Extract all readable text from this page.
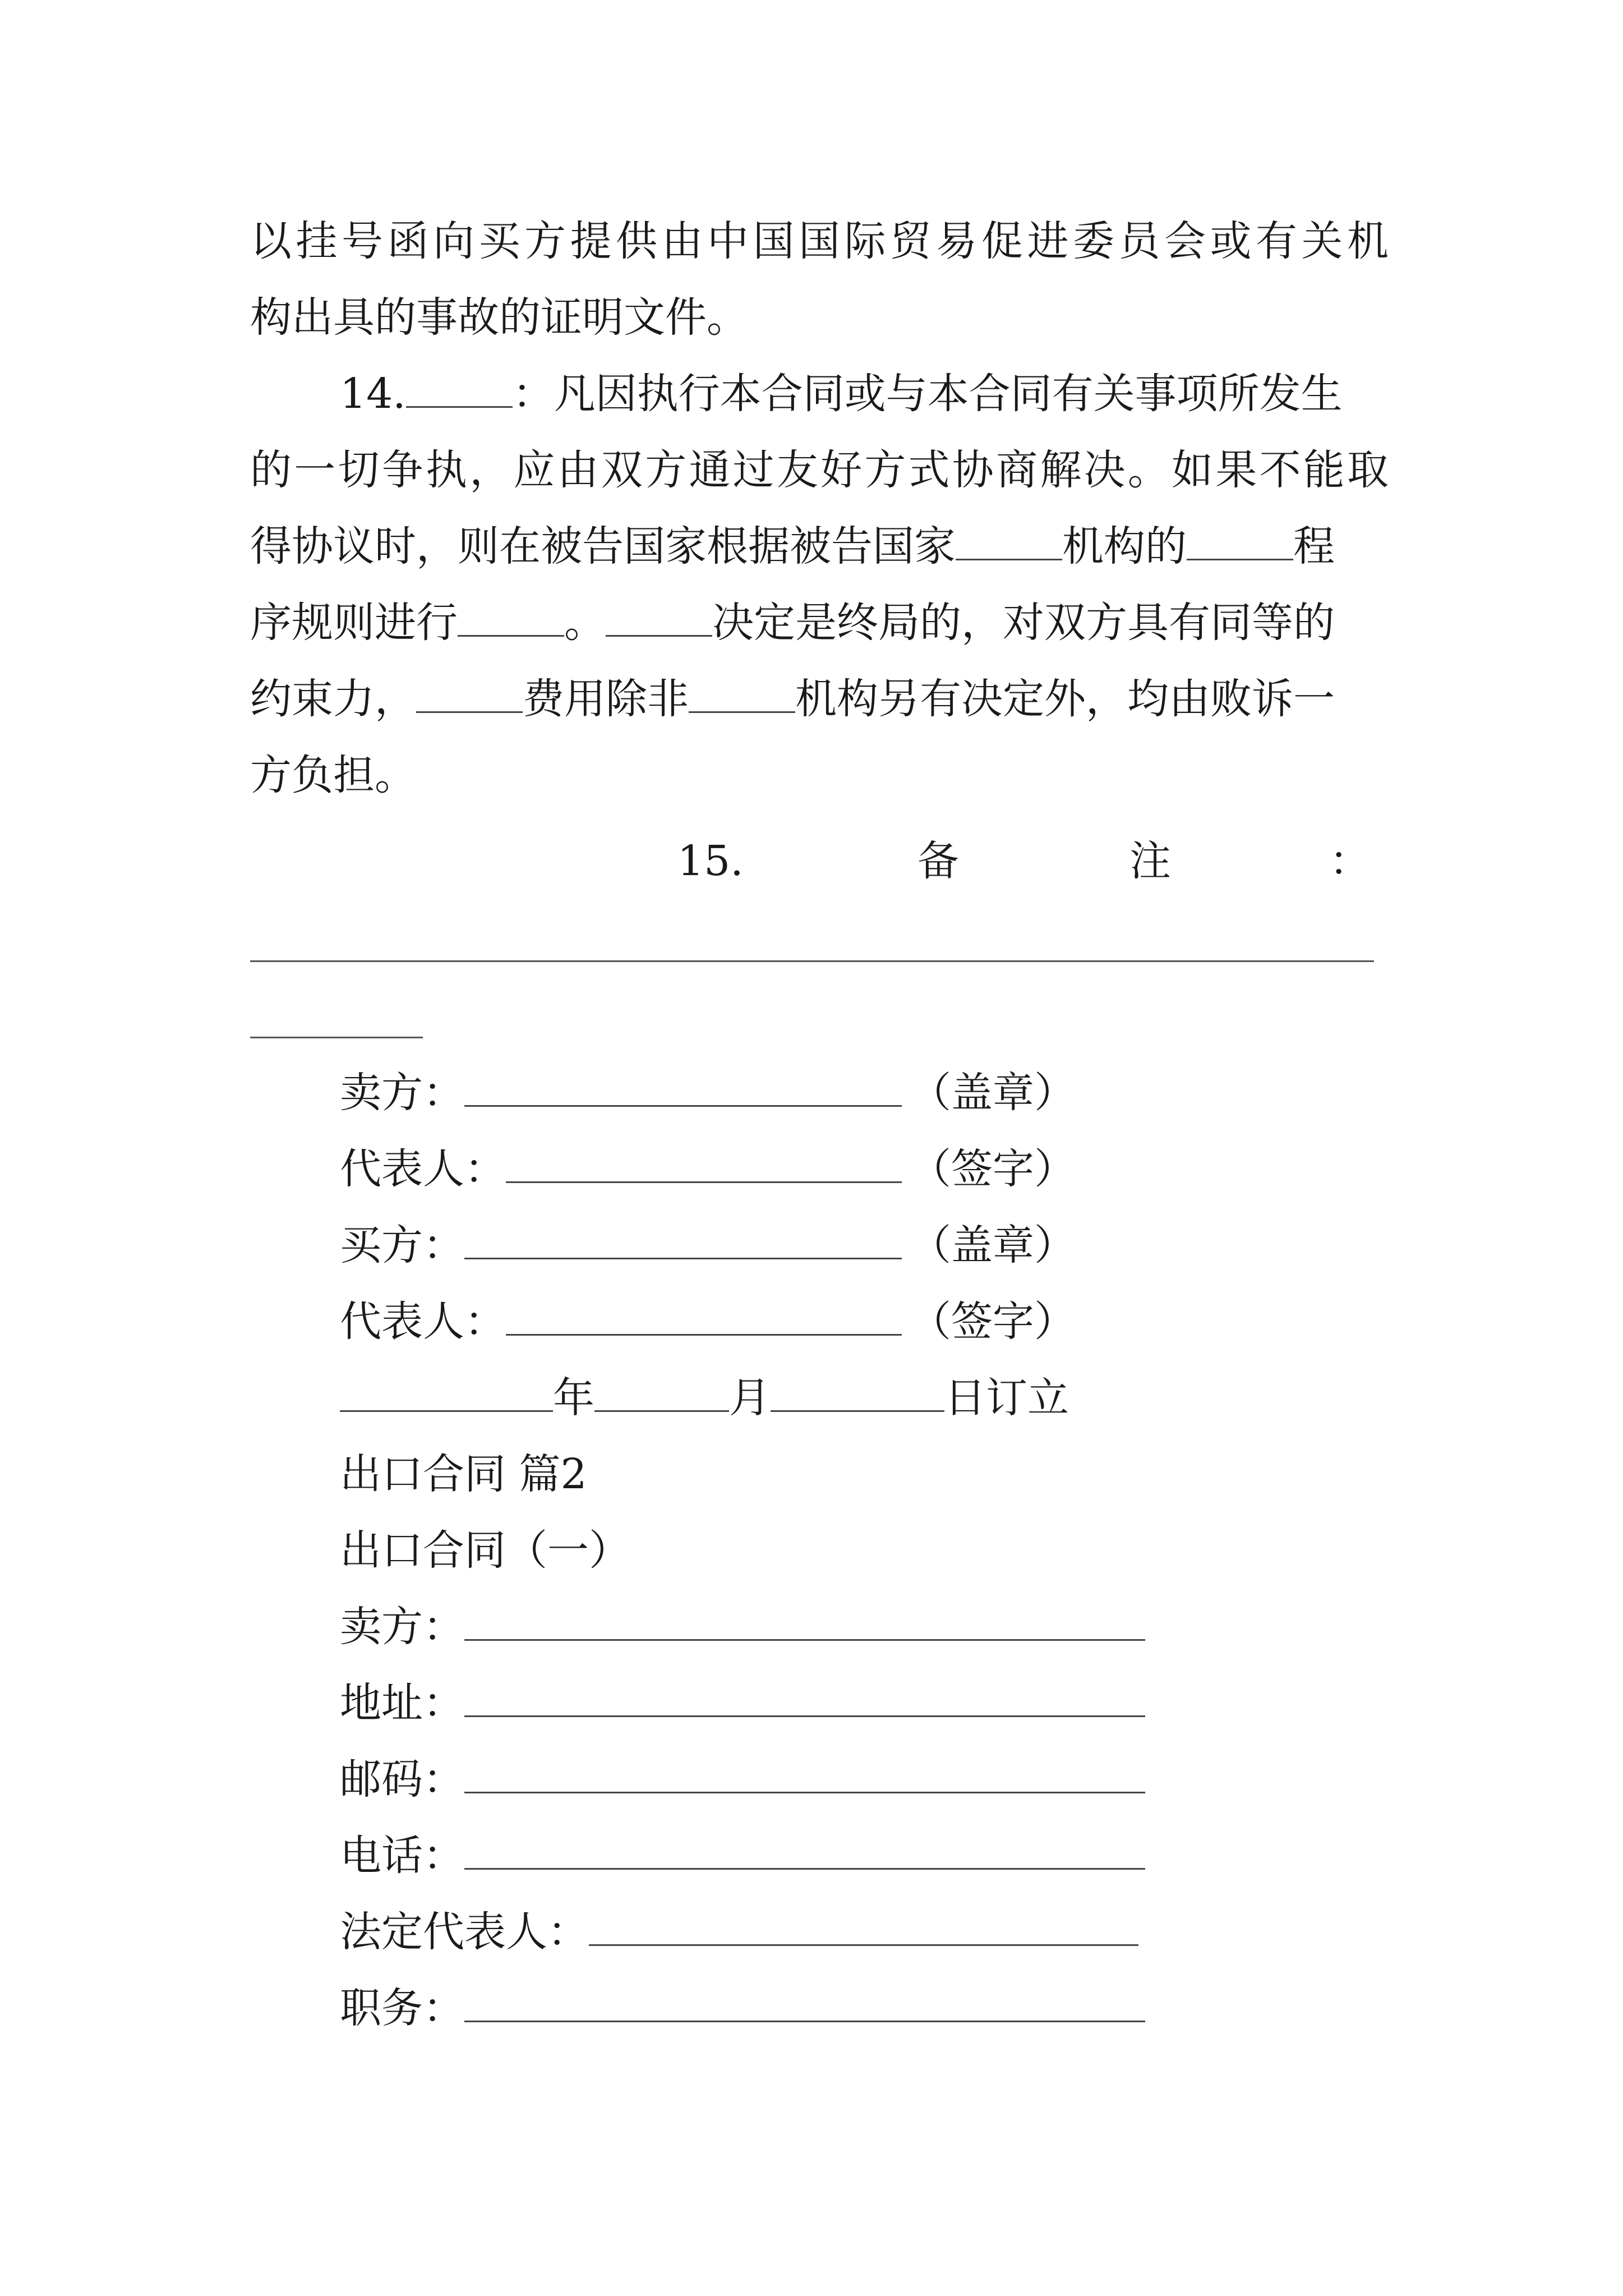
以挂号函向买方提供由中国国际贸易促进委员会或有关机
构出具的事故的证明文件。
14.	：凡因执行本合同或与本合同有关事项所发生
的一切争执，应由双方通过友好方式协商解决。如果不能取
得协议时，则在被告国家根据被告国家	机构的	程
序规则进行	。	决定是终局的，对双方具有同等的
约束力，	费用除非	机构另有决定外，均由败诉一
方负担。
15.	备	注	：
卖方：	（盖章）
代表人：	（签字）
买方：	（盖章）
代表人：	（签字）
年	月	日订立
出口合同 篇2
出口合同（一）
卖方：
地址：
邮码：
电话：
法定代表人：
职务：
